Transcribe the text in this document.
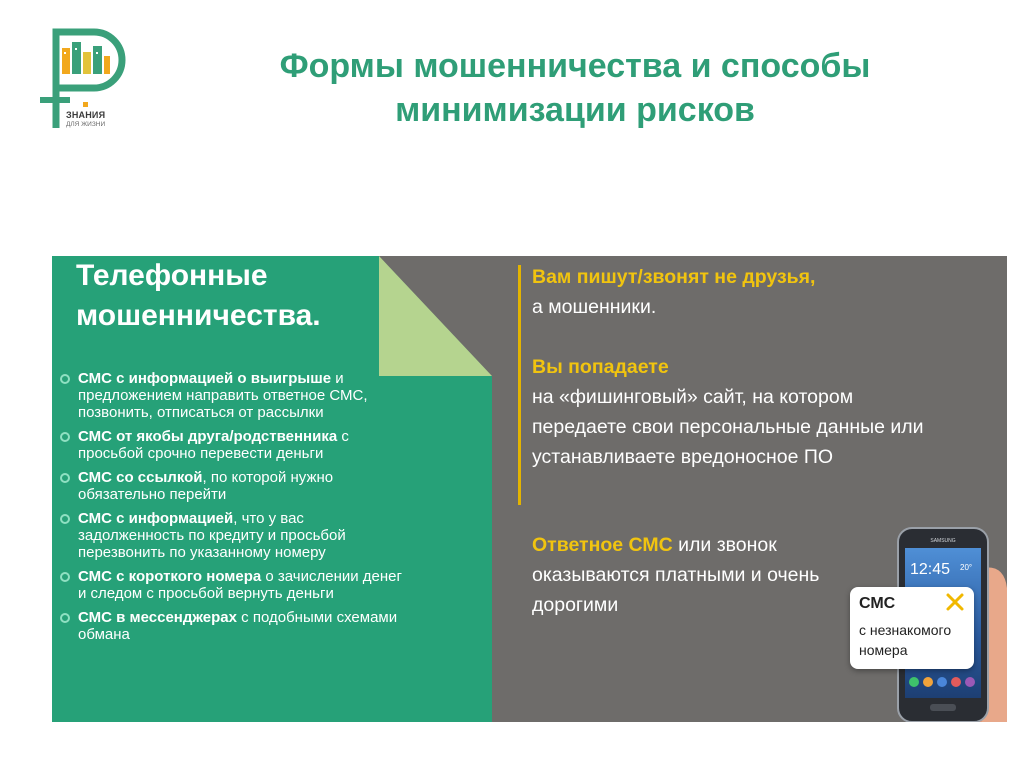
ЗНАНИЯ
ДЛЯ ЖИЗНИ
Формы мошенничества и способы
минимизации рисков
Телефонные
мошенничества.
СМС с информацией о выигрыше и предложением направить ответное СМС, позвонить, отписаться от рассылки
СМС от якобы друга/родственника с просьбой срочно перевести деньги
СМС со ссылкой, по которой нужно обязательно перейти
СМС с информацией, что у вас задолженность по кредиту и просьбой перезвонить по указанному номеру
СМС с короткого номера о зачислении денег и следом с просьбой вернуть деньги
СМС в мессенджерах с подобными схемами обмана
Вам пишут/звонят не друзья,
а мошенники.
Вы попадаете
на «фишинговый» сайт, на котором передаете свои персональные данные или устанавливаете вредоносное ПО
Ответное СМС или звонок оказываются платными и очень дорогими
SAMSUNG
12:45 20°
СМС
с незнакомого номера
